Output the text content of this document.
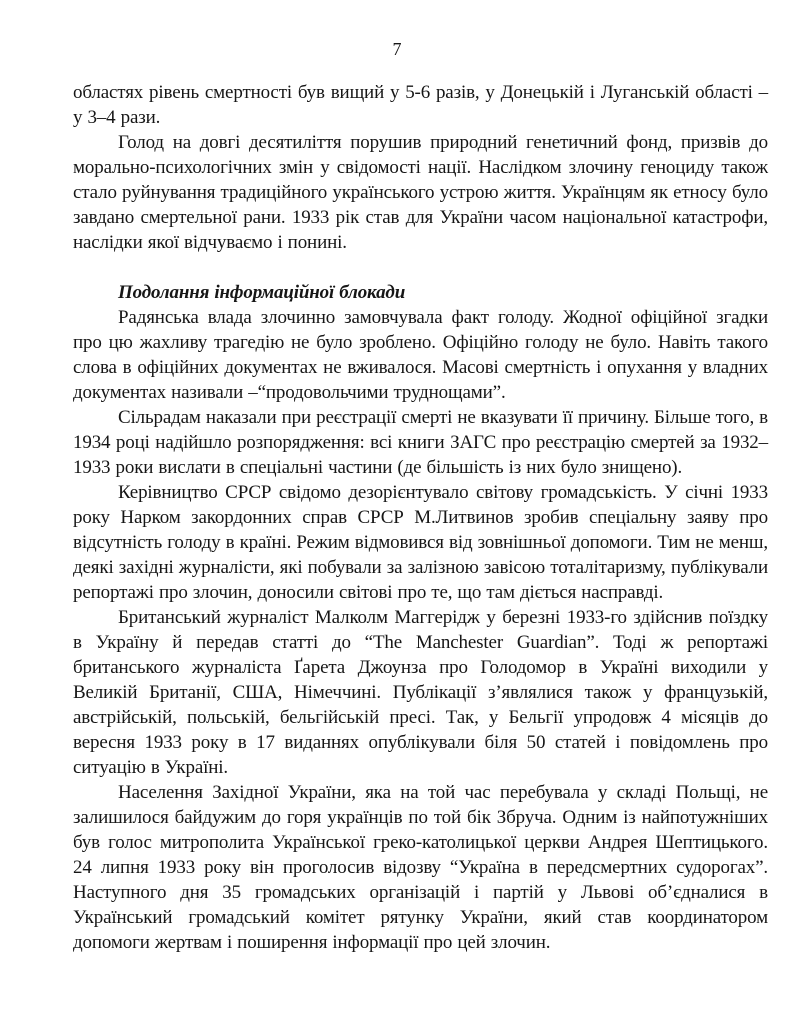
7

областях рівень смертності був вищий у 5-6 разів, у Донецькій і Луганській області – у 3–4 рази.

Голод на довгі десятиліття порушив природний генетичний фонд, призвів до морально-психологічних змін у свідомості нації. Наслідком злочину геноциду також стало руйнування традиційного українського устрою життя. Українцям як етносу було завдано смертельної рани. 1933 рік став для України часом національної катастрофи, наслідки якої відчуваємо і понині.

Подолання інформаційної блокади

Радянська влада злочинно замовчувала факт голоду. Жодної офіційної згадки про цю жахливу трагедію не було зроблено. Офіційно голоду не було. Навіть такого слова в офіційних документах не вживалося. Масові смертність і опухання у владних документах називали –“продовольчими труднощами”.

Сільрадам наказали при реєстрації смерті не вказувати її причину. Більше того, в 1934 році надійшло розпорядження: всі книги ЗАГС про реєстрацію смертей за 1932–1933 роки вислати в спеціальні частини (де більшість із них було знищено).

Керівництво СРСР свідомо дезорієнтувало світову громадськість. У січні 1933 року Нарком закордонних справ СРСР М.Литвинов зробив спеціальну заяву про відсутність голоду в країні. Режим відмовився від зовнішньої допомоги. Тим не менш, деякі західні журналісти, які побували за залізною завісою тоталітаризму, публікували репортажі про злочин, доносили світові про те, що там діється насправді.

Британський журналіст Малколм Маггерідж у березні 1933-го здійснив поїздку в Україну й передав статті до “The Manchester Guardian”. Тоді ж репортажі британського журналіста Ґарета Джоунза про Голодомор в Україні виходили у Великій Британії, США, Німеччині. Публікації з’являлися також у французькій, австрійській, польській, бельгійській пресі. Так, у Бельгії упродовж 4 місяців до вересня 1933 року в 17 виданнях опублікували біля 50 статей і повідомлень про ситуацію в Україні.

Населення Західної України, яка на той час перебувала у складі Польщі, не залишилося байдужим до горя українців по той бік Збруча. Одним із найпотужніших був голос митрополита Української греко-католицької церкви Андрея Шептицького. 24 липня 1933 року він проголосив відозву “Україна в передсмертних судорогах”. Наступного дня 35 громадських організацій і партій у Львові об’єдналися в Український громадський комітет рятунку України, який став координатором допомоги жертвам і поширення інформації про цей злочин.
